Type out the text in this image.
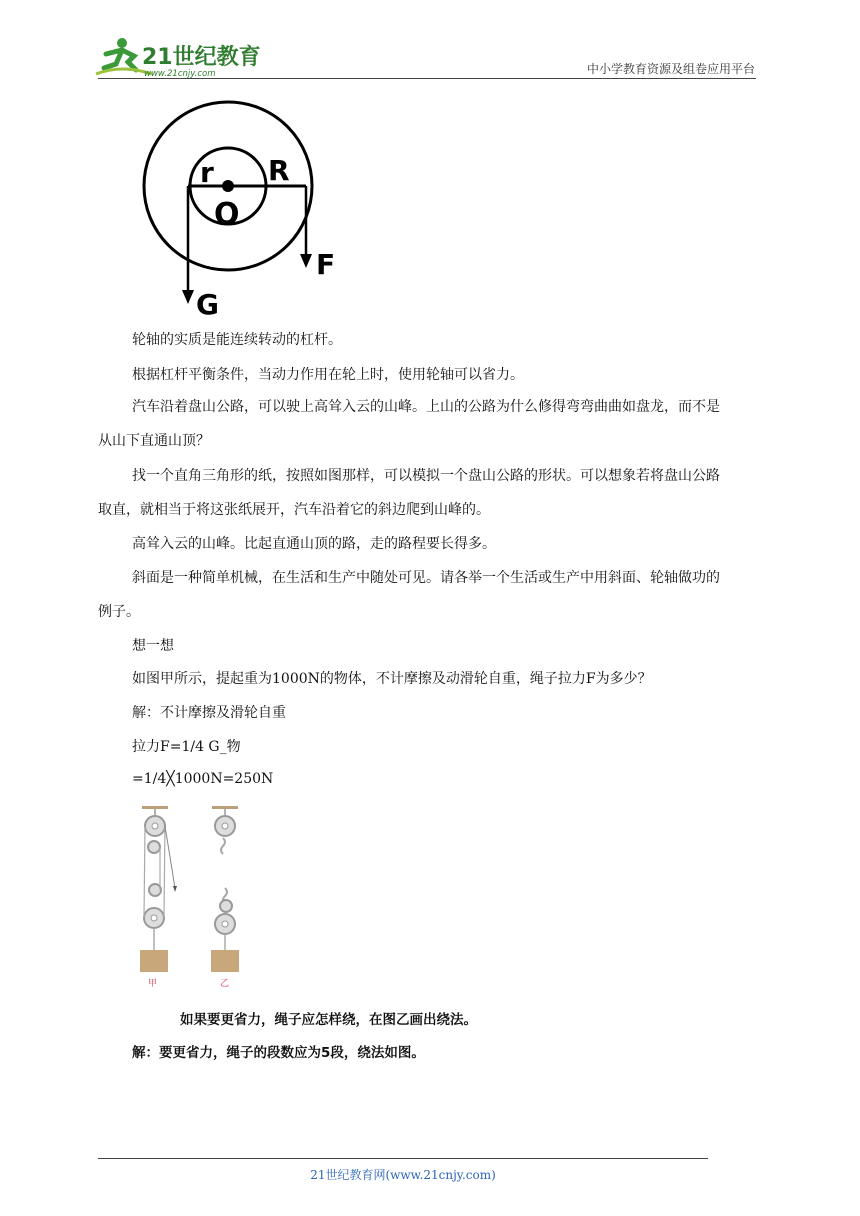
21世纪教育
www.21cnjy.com	中小学教育资源及组卷应用平台
r R
O
F
G
轮轴的实质是能连续转动的杠杆。
根据杠杆平衡条件，当动力作用在轮上时，使用轮轴可以省力。
汽车沿着盘山公路，可以驶上高耸入云的山峰。上山的公路为什么修得弯弯曲曲如盘龙，而不是
从山下直通山顶？
找一个直角三角形的纸，按照如图那样，可以模拟一个盘山公路的形状。可以想象若将盘山公路
取直，就相当于将这张纸展开，汽车沿着它的斜边爬到山峰的。
高耸入云的山峰。比起直通山顶的路，走的路程要长得多。
斜面是一种简单机械，在生活和生产中随处可见。请各举一个生活或生产中用斜面、轮轴做功的
例子。
想一想
如图甲所示，提起重为1000N的物体，不计摩擦及动滑轮自重，绳子拉力F为多少？
解：不计摩擦及滑轮自重
拉力F=1/4 G_物
=1/4╳1000N=250N
甲	乙
如果要更省力，绳子应怎样绕，在图乙画出绕法。
解：要更省力，绳子的段数应为5段，绕法如图。
21世纪教育网(www.21cnjy.com)
